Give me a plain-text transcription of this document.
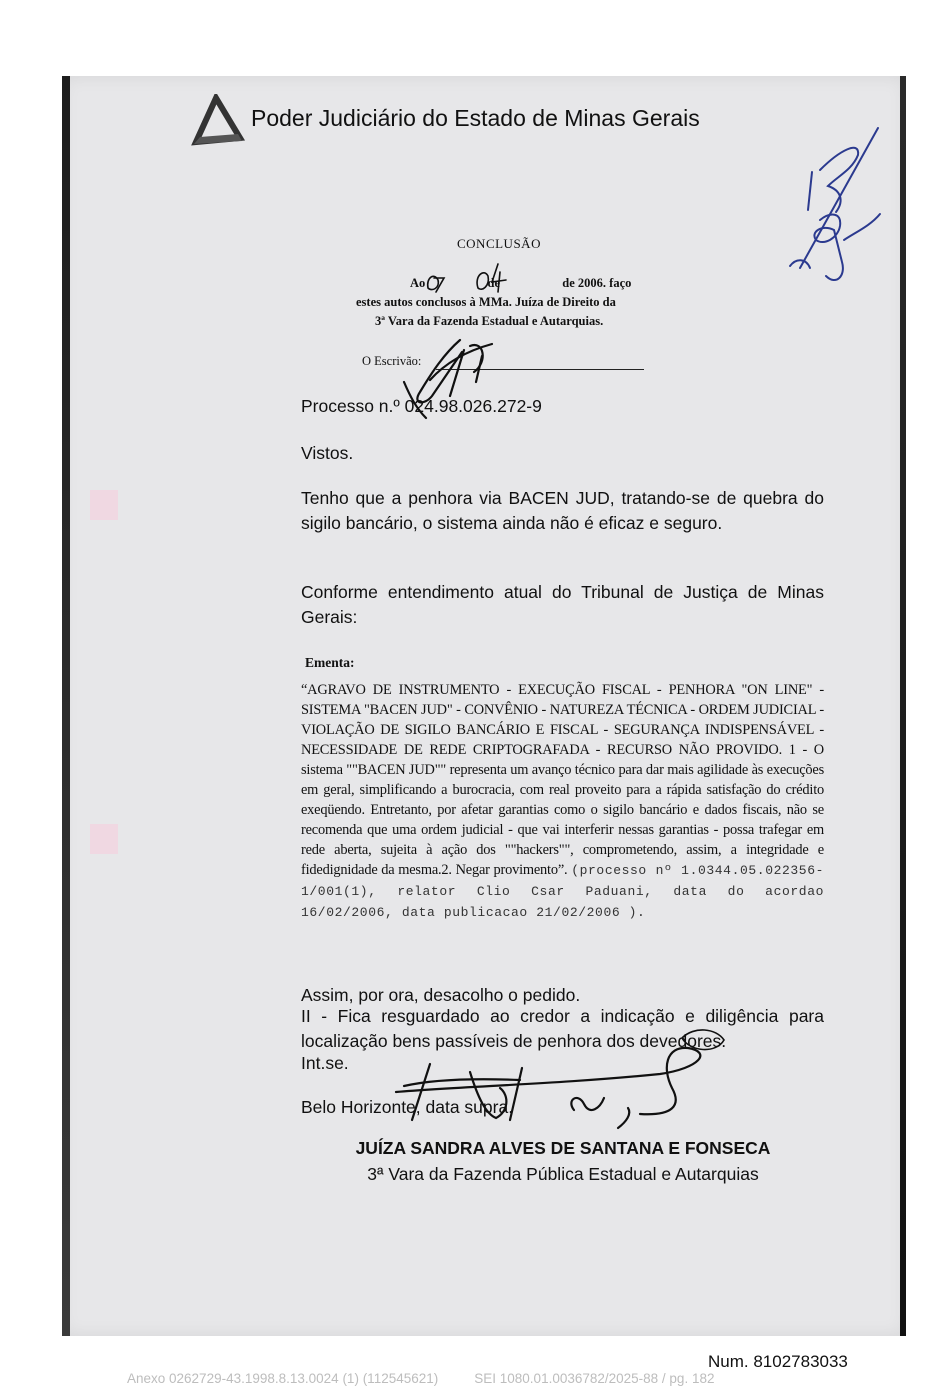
Poder Judiciário do Estado de Minas Gerais
CONCLUSÃO
Ao	de	de 2006. faço
estes autos conclusos à MMa. Juíza de Direito da
3ª Vara da Fazenda Estadual e Autarquias.
O Escrivão:
Processo n.º 024.98.026.272-9
Vistos.
Tenho que a penhora via BACEN JUD, tratando-se de quebra do sigilo bancário, o sistema ainda não é eficaz e seguro.
Conforme entendimento atual do Tribunal de Justiça de Minas Gerais:
Ementa:
“AGRAVO DE INSTRUMENTO - EXECUÇÃO FISCAL - PENHORA "ON LINE" - SISTEMA "BACEN JUD" - CONVÊNIO - NATUREZA TÉCNICA - ORDEM JUDICIAL - VIOLAÇÃO DE SIGILO BANCÁRIO E FISCAL - SEGURANÇA INDISPENSÁVEL - NECESSIDADE DE REDE CRIPTOGRAFADA - RECURSO NÃO PROVIDO. 1 - O sistema ""BACEN JUD"" representa um avanço técnico para dar mais agilidade às execuções em geral, simplificando a burocracia, com real proveito para a rápida satisfação do crédito exeqüendo. Entretanto, por afetar garantias como o sigilo bancário e dados fiscais, não se recomenda que uma ordem judicial - que vai interferir nessas garantias - possa trafegar em rede aberta, sujeita à ação dos ""hackers"", comprometendo, assim, a integridade e fidedignidade da mesma.2. Negar provimento”. (processo nº 1.0344.05.022356-1/001(1), relator Clio Csar Paduani, data do acordao 16/02/2006, data publicacao 21/02/2006 ).
Assim, por ora, desacolho o pedido.
II - Fica resguardado ao credor a indicação e diligência para localização bens passíveis de penhora dos devedores.
Int.se.
Belo Horizonte, data supra.
JUÍZA SANDRA ALVES DE SANTANA E FONSECA
3ª Vara da Fazenda Pública Estadual e Autarquias
Num. 8102783033
Anexo 0262729-43.1998.8.13.0024 (1) (112545621)	SEI 1080.01.0036782/2025-88 / pg. 182
